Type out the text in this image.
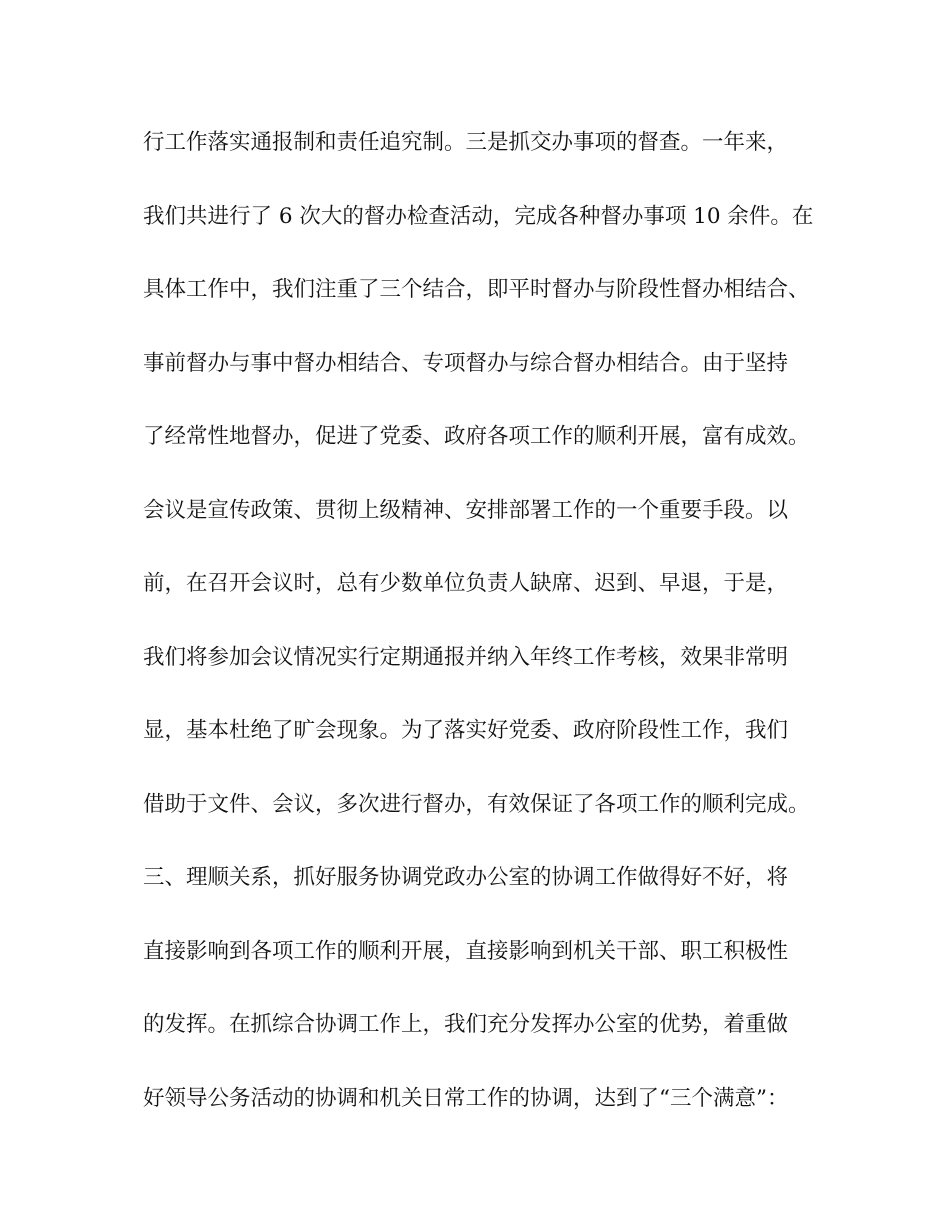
行工作落实通报制和责任追究制。三是抓交办事项的督查。一年来，
我们共进行了 6 次大的督办检查活动，完成各种督办事项 10 余件。在
具体工作中，我们注重了三个结合，即平时督办与阶段性督办相结合、
事前督办与事中督办相结合、专项督办与综合督办相结合。由于坚持
了经常性地督办，促进了党委、政府各项工作的顺利开展，富有成效。
会议是宣传政策、贯彻上级精神、安排部署工作的一个重要手段。以
前，在召开会议时，总有少数单位负责人缺席、迟到、早退，于是，
我们将参加会议情况实行定期通报并纳入年终工作考核，效果非常明
显，基本杜绝了旷会现象。为了落实好党委、政府阶段性工作，我们
借助于文件、会议，多次进行督办，有效保证了各项工作的顺利完成。
三、理顺关系，抓好服务协调党政办公室的协调工作做得好不好，将
直接影响到各项工作的顺利开展，直接影响到机关干部、职工积极性
的发挥。在抓综合协调工作上，我们充分发挥办公室的优势，着重做
好领导公务活动的协调和机关日常工作的协调，达到了“三个满意”：
